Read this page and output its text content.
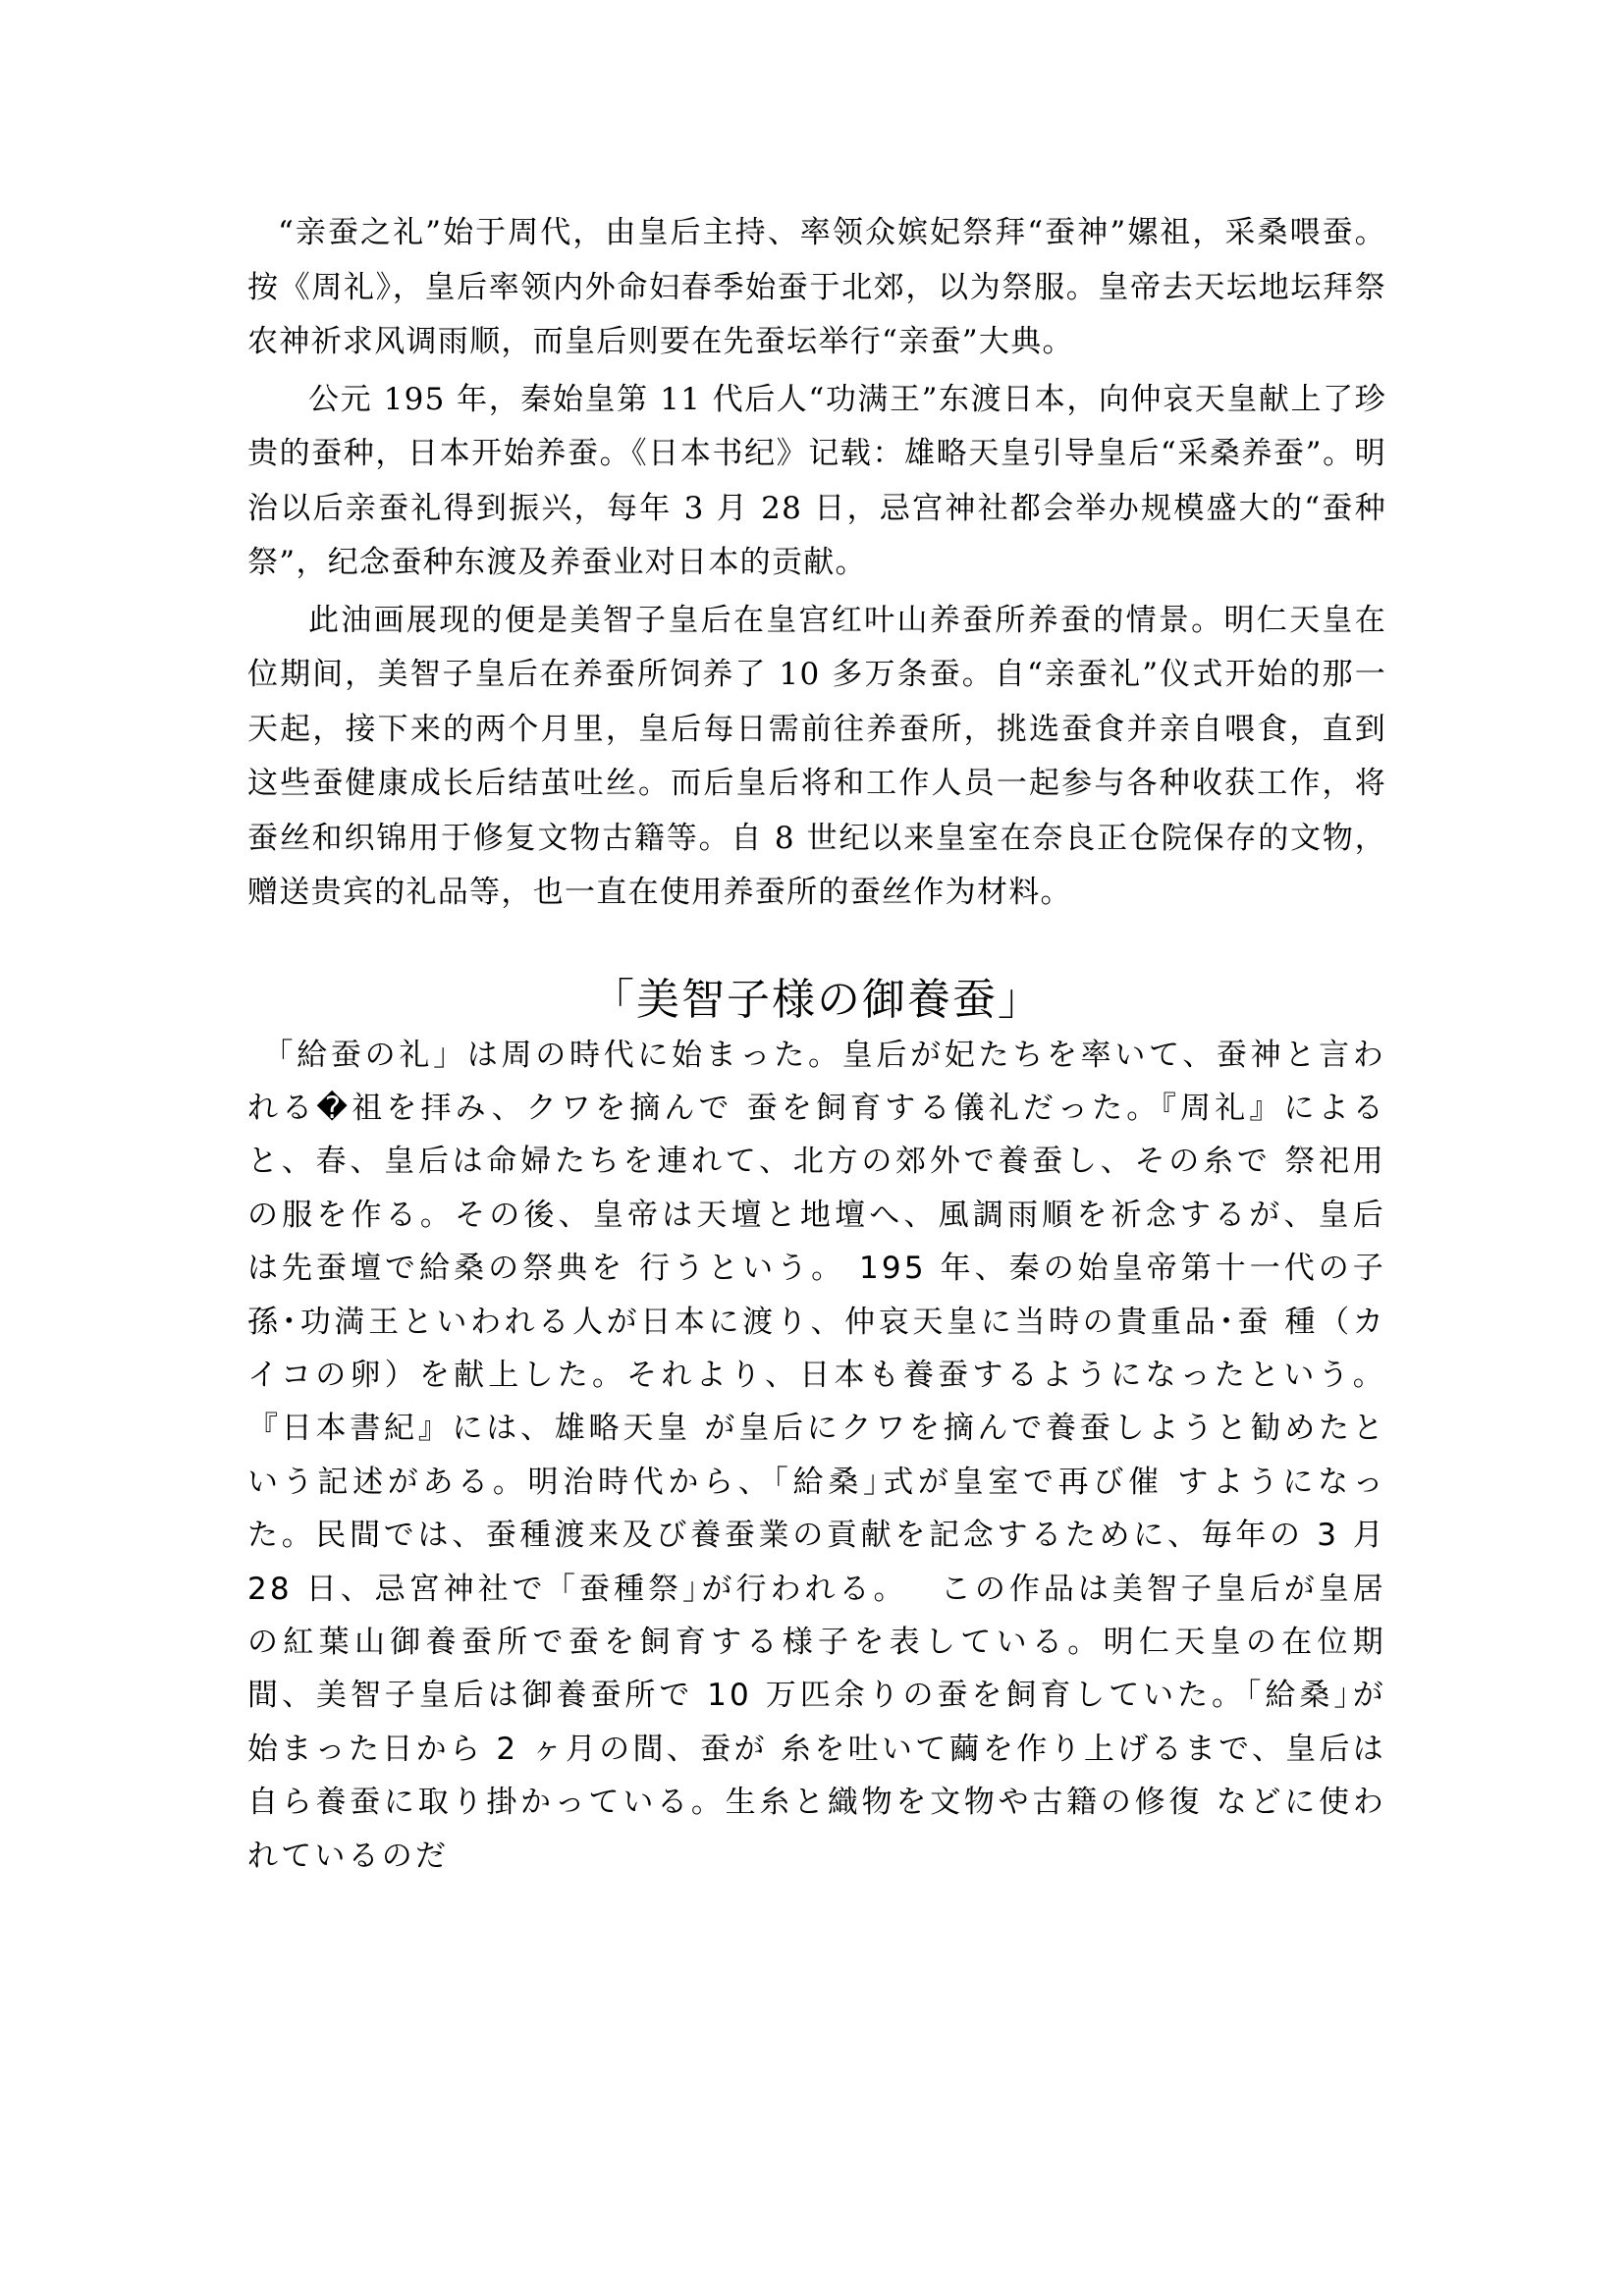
“亲蚕之礼”始于周代，由皇后主持、率领众嫔妃祭拜“蚕神”嫘祖，采桑喂蚕。按《周礼》，皇后率领内外命妇春季始蚕于北郊，以为祭服。皇帝去天坛地坛拜祭农神祈求风调雨顺，而皇后则要在先蚕坛举行“亲蚕”大典。

公元 195 年，秦始皇第 11 代后人“功满王”东渡日本，向仲哀天皇献上了珍贵的蚕种，日本开始养蚕。《日本书纪》记载：雄略天皇引导皇后“采桑养蚕”。明治以后亲蚕礼得到振兴，每年 3 月 28 日，忌宫神社都会举办规模盛大的“蚕种祭”，纪念蚕种东渡及养蚕业对日本的贡献。

此油画展现的便是美智子皇后在皇宫红叶山养蚕所养蚕的情景。明仁天皇在位期间，美智子皇后在养蚕所饲养了 10 多万条蚕。自“亲蚕礼”仪式开始的那一天起，接下来的两个月里，皇后每日需前往养蚕所，挑选蚕食并亲自喂食，直到这些蚕健康成长后结茧吐丝。而后皇后将和工作人员一起参与各种收获工作，将蚕丝和织锦用于修复文物古籍等。自 8 世纪以来皇室在奈良正仓院保存的文物，赠送贵宾的礼品等，也一直在使用养蚕所的蚕丝作为材料。

「美智子様の御養蚕」

「給蚕の礼」は周の時代に始まった。皇后が妃たちを率いて、蚕神と言われる�祖を拝み、クワを摘んで 蚕を飼育する儀礼だった。『周礼』によると、春、皇后は命婦たちを連れて、北方の郊外で養蚕し、その糸で 祭祀用の服を作る。その後、皇帝は天壇と地壇へ、風調雨順を祈念するが、皇后は先蚕壇で給桑の祭典を 行うという。 195 年、秦の始皇帝第十一代の子孫･功満王といわれる人が日本に渡り、仲哀天皇に当時の貴重品･蚕 種（カイコの卵）を献上した。それより、日本も養蚕するようになったという。『日本書紀』には、雄略天皇 が皇后にクワを摘んで養蚕しようと勧めたという記述がある。明治時代から、｢給桑｣式が皇室で再び催 すようになった。民間では、蚕種渡来及び養蚕業の貢献を記念するために、毎年の 3 月 28 日、忌宮神社で ｢蚕種祭｣が行われる。　 この作品は美智子皇后が皇居の紅葉山御養蚕所で蚕を飼育する様子を表している。明仁天皇の在位期 間、美智子皇后は御養蚕所で 10 万匹余りの蚕を飼育していた。｢給桑｣が始まった日から 2 ヶ月の間、蚕が 糸を吐いて繭を作り上げるまで、皇后は自ら養蚕に取り掛かっている。生糸と織物を文物や古籍の修復 などに使われているのだ
